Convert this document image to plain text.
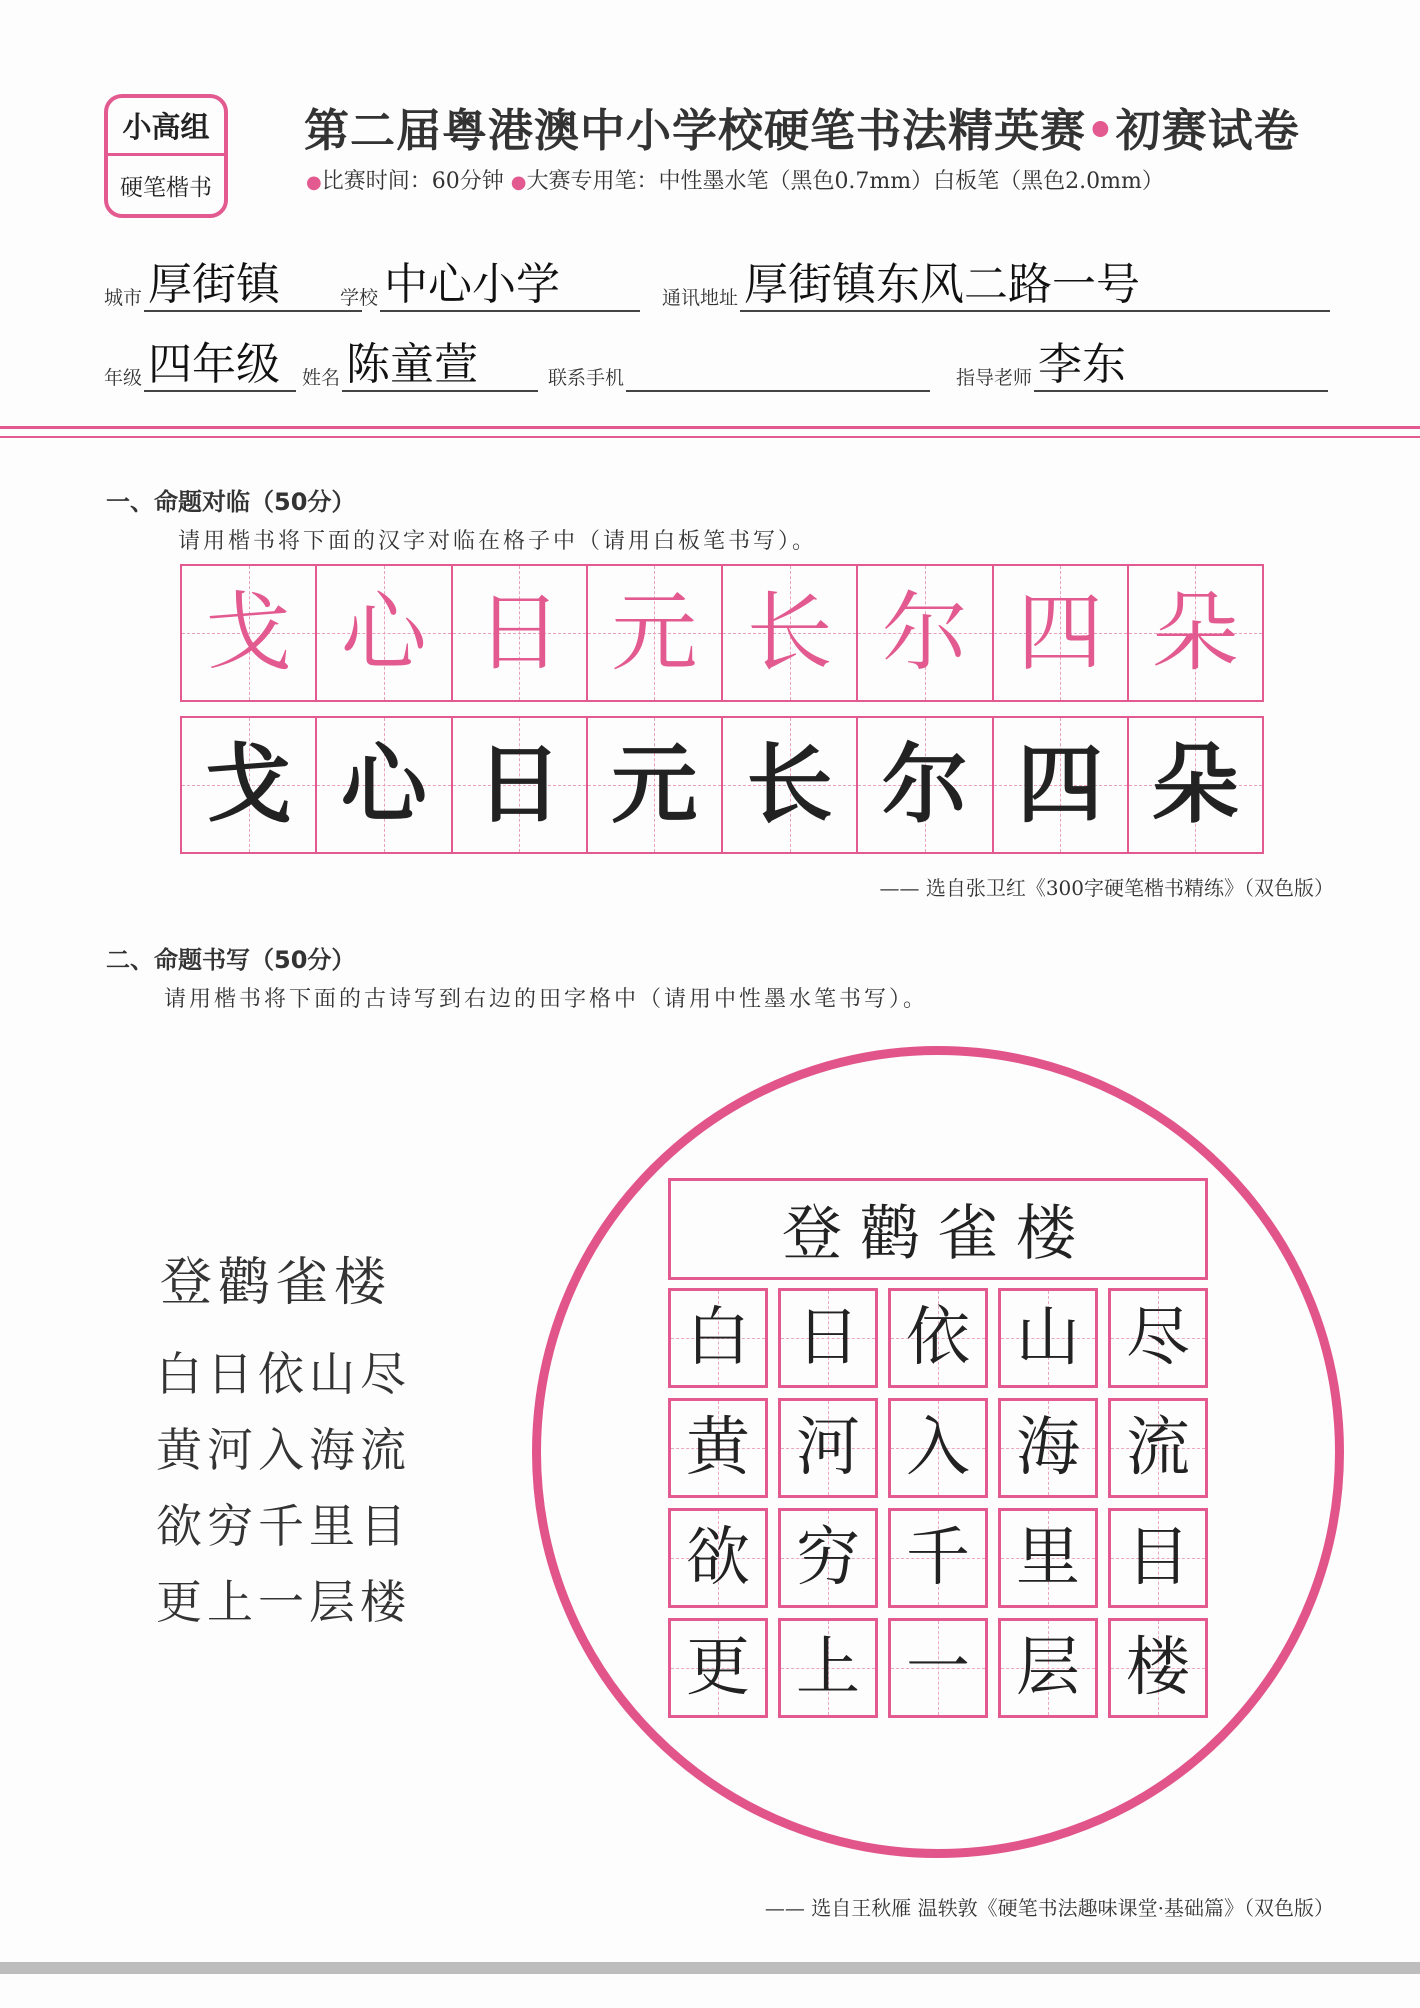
小高组
硬笔楷书
第二届粤港澳中小学校硬笔书法精英赛•初赛试卷
●比赛时间：60分钟 ●大赛专用笔：中性墨水笔（黑色0.7mm）白板笔（黑色2.0mm）
城市 厚街镇	学校 中心小学	通讯地址 厚街镇东风二路一号
年级 四年级	姓名 陈童萱	联系手机	指导老师 李东
一、命题对临（50分）
请用楷书将下面的汉字对临在格子中（请用白板笔书写）。
戈 心 日 元 长 尔 四 朵
戈 心 日 元 长 尔 四 朵
—— 选自张卫红《300字硬笔楷书精练》（双色版）
二、命题书写（50分）
请用楷书将下面的古诗写到右边的田字格中（请用中性墨水笔书写）。
登鹳雀楼
白日依山尽
黄河入海流
欲穷千里目
更上一层楼
登鹳雀楼
白 日 依 山 尽
黄 河 入 海 流
欲 穷 千 里 目
更 上 一 层 楼
—— 选自王秋雁 温轶敦《硬笔书法趣味课堂·基础篇》（双色版）
